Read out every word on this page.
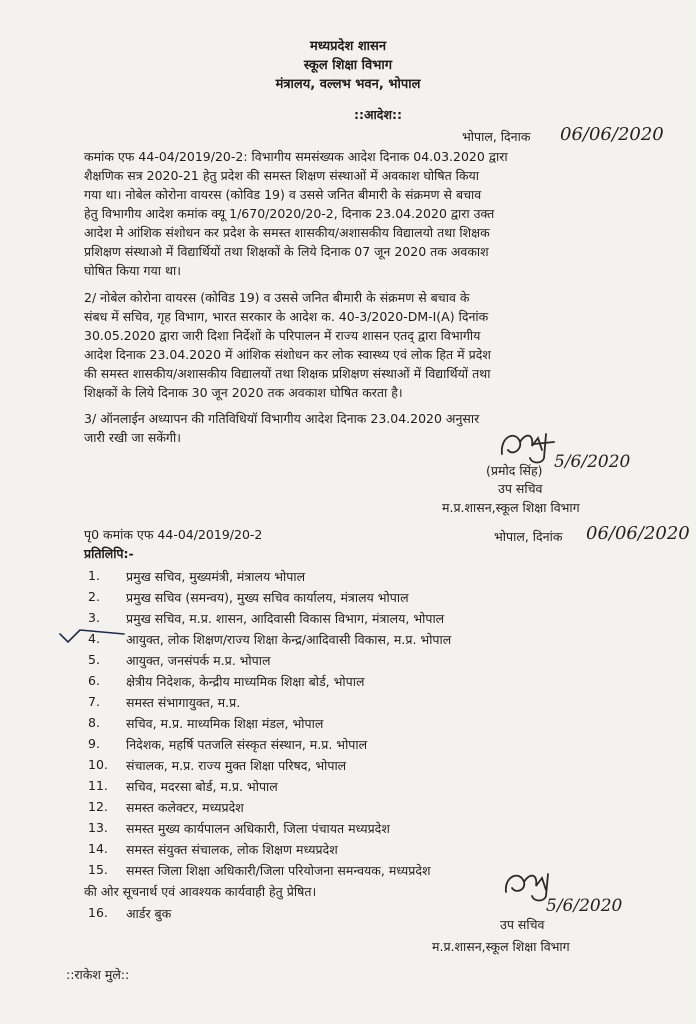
मध्यप्रदेश शासन
स्कूल शिक्षा विभाग
मंत्रालय, वल्लभ भवन, भोपाल
::आदेश::
भोपाल, दिनाक 06/06/2020
कमांक एफ 44-04/2019/20-2: विभागीय समसंख्यक आदेश दिनाक 04.03.2020 द्वारा
शैक्षणिक सत्र 2020-21 हेतु प्रदेश की समस्त शिक्षण संस्थाओं में अवकाश घोषित किया
गया था। नोबेल कोरोना वायरस (कोविड 19) व उससे जनित बीमारी के संक्रमण से बचाव
हेतु विभागीय आदेश कमांक क्यू 1/670/2020/20-2, दिनाक 23.04.2020 द्वारा उक्त
आदेश मे आंशिक संशोधन कर प्रदेश के समस्त शासकीय/अशासकीय विद्यालयो तथा शिक्षक
प्रशिक्षण संस्थाओ में विद्यार्थियों तथा शिक्षकों के लिये दिनाक 07 जून 2020 तक अवकाश
घोषित किया गया था।
2/ नोबेल कोरोना वायरस (कोविड 19) व उससे जनित बीमारी के संक्रमण से बचाव के
संबध में सचिव, गृह विभाग, भारत सरकार के आदेश क. 40-3/2020-DM-I(A) दिनांक
30.05.2020 द्वारा जारी दिशा निर्देशों के परिपालन में राज्य शासन एतद् द्वारा विभागीय
आदेश दिनाक 23.04.2020 में आंशिक संशोधन कर लोक स्वास्थ्य एवं लोक हित में प्रदेश
की समस्त शासकीय/अशासकीय विद्यालयों तथा शिक्षक प्रशिक्षण संस्थाओं में विद्यार्थियों तथा
शिक्षकों के लिये दिनाक 30 जून 2020 तक अवकाश घोषित करता है।
3/ ऑनलाईन अध्यापन की गतिविधियॉ विभागीय आदेश दिनाक 23.04.2020 अनुसार
जारी रखी जा सकेंगी।
(प्रमोद सिंह) 5/6/2020
उप सचिव
म.प्र.शासन,स्कूल शिक्षा विभाग
पृ0 कमांक एफ 44-04/2019/20-2	भोपाल, दिनांक 06/06/2020
प्रतिलिपि:-
1. प्रमुख सचिव, मुख्यमंत्री, मंत्रालय भोपाल
2. प्रमुख सचिव (समन्वय), मुख्य सचिव कार्यालय, मंत्रालय भोपाल
3. प्रमुख सचिव, म.प्र. शासन, आदिवासी विकास विभाग, मंत्रालय, भोपाल
4. आयुक्त, लोक शिक्षण/राज्य शिक्षा केन्द्र/आदिवासी विकास, म.प्र. भोपाल
5. आयुक्त, जनसंपर्क म.प्र. भोपाल
6. क्षेत्रीय निदेशक, केन्द्रीय माध्यमिक शिक्षा बोर्ड, भोपाल
7. समस्त संभागायुक्त, म.प्र.
8. सचिव, म.प्र. माध्यमिक शिक्षा मंडल, भोपाल
9. निदेशक, महर्षि पतजलि संस्कृत संस्थान, म.प्र. भोपाल
10. संचालक, म.प्र. राज्य मुक्त शिक्षा परिषद, भोपाल
11. सचिव, मदरसा बोर्ड, म.प्र. भोपाल
12. समस्त कलेक्टर, मध्यप्रदेश
13. समस्त मुख्य कार्यपालन अधिकारी, जिला पंचायत मध्यप्रदेश
14. समस्त संयुक्त संचालक, लोक शिक्षण मध्यप्रदेश
15. समस्त जिला शिक्षा अधिकारी/जिला परियोजना समन्वयक, मध्यप्रदेश
की ओर सूचनार्थ एवं आवश्यक कार्यवाही हेतु प्रेषित।
16. आर्डर बुक	5/6/2020
उप सचिव
म.प्र.शासन,स्कूल शिक्षा विभाग
::राकेश मुले::
